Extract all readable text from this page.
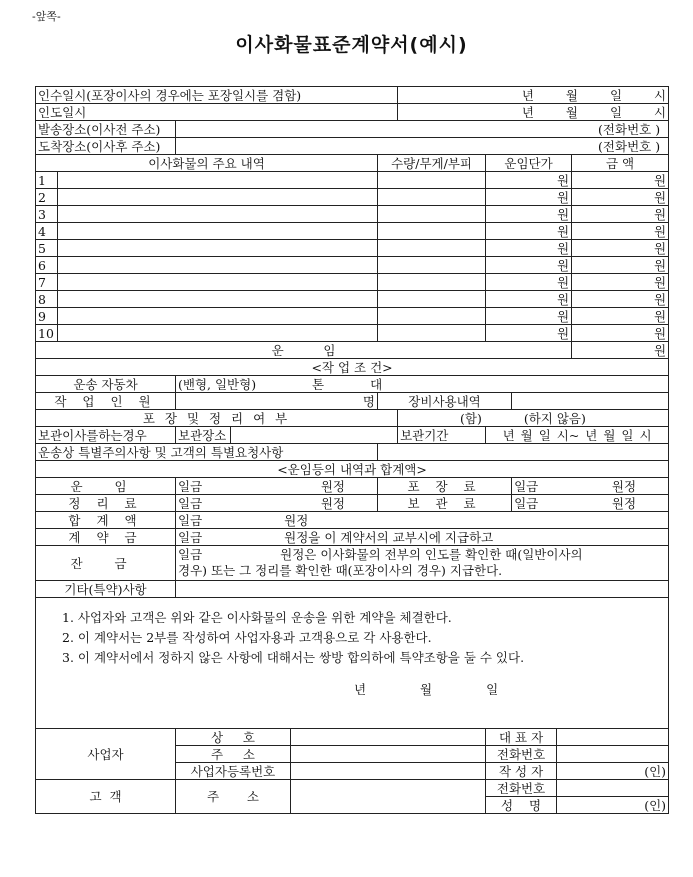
-앞쪽-
이사화물표준계약서(예시)
인수일시(포장이사의 경우에는 포장일시를 겸함)						년 월 일 시				
인도일시						년 월 일 시				
발송장소(이사전 주소)		(전화번호 )								
도착장소(이사후 주소)		(전화번호 )								
이사화물의 주요 내역					수량/무게/부피		운임단가			금 액
1							원			원
2							원			원
3							원			원
4							원			원
5							원			원
6							원			원
7							원			원
8							원			원
9							원			원
10							원			원
운          임										원
<작 업 조 건>										
운송 자동차		(밴형, 일반형) 톤 대								
작 업 인 원		명			장비사용내역					
포 장 및 정 리 여 부						(함) (하지 않음)				
보관이사를하는경우		보관장소				보관기간	년 월 일 시~ 년 월 일 시			
운송상 특별주의사항 및 고객의 특별요청사항										
<운임등의 내역과 합계액>										
운 임		일금 원정			포 장 료			일금 원정		

정 리 료		일금 원정			보 관 료			일금 원정		

합 계 액		일금 원정								
계 약 금		일금 원정을 이 계약서의 교부시에 지급하고								
잔 금		일금 원정은 이사화물의 전부의 인도를 확인한 때(일반이사의
경우) 또는 그 정리를 확인한 때(포장이사의 경우) 지급한다.								

기타(특약)사항										

1. 사업자와 고객은 위와 같은 이사화물의 운송을 위한 계약을 체결한다.
2. 이 계약서는 2부를 작성하여 사업자용과 고객용으로 각 사용한다.
3. 이 계약서에서 정하지 않은 사항에 대해서는 쌍방 합의하에 특약조항을 둘 수 있다.
년 월 일										

사업자		상     호					대 표 자			
		주     소					전화번호			
		사업자등록번호					작 성 자		(인)	
고  객		주       소					전화번호			
							성    명		(인)	
